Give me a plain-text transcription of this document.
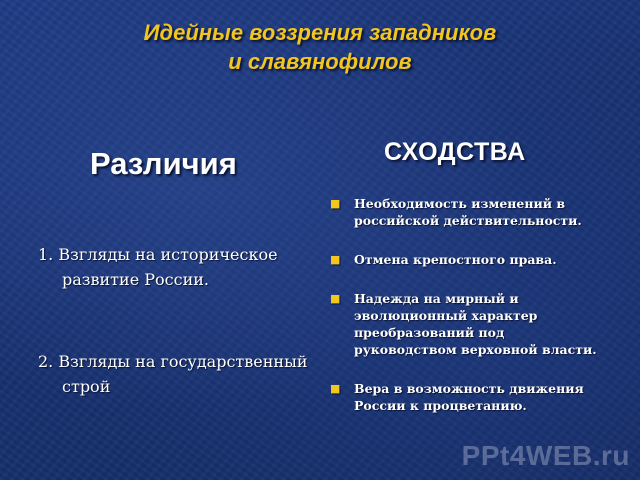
Идейные воззрения западников
и славянофилов
Различия	СХОДСТВА
1. Взгляды на историческое развитие России.
2. Взгляды на государственный строй
■ Необходимость изменений в российской действительности.
■ Отмена крепостного права.
■ Надежда на мирный и эволюционный характер преобразований под руководством верховной власти.
■ Вера в возможность движения России к процветанию.
PPt4WEB.ru
